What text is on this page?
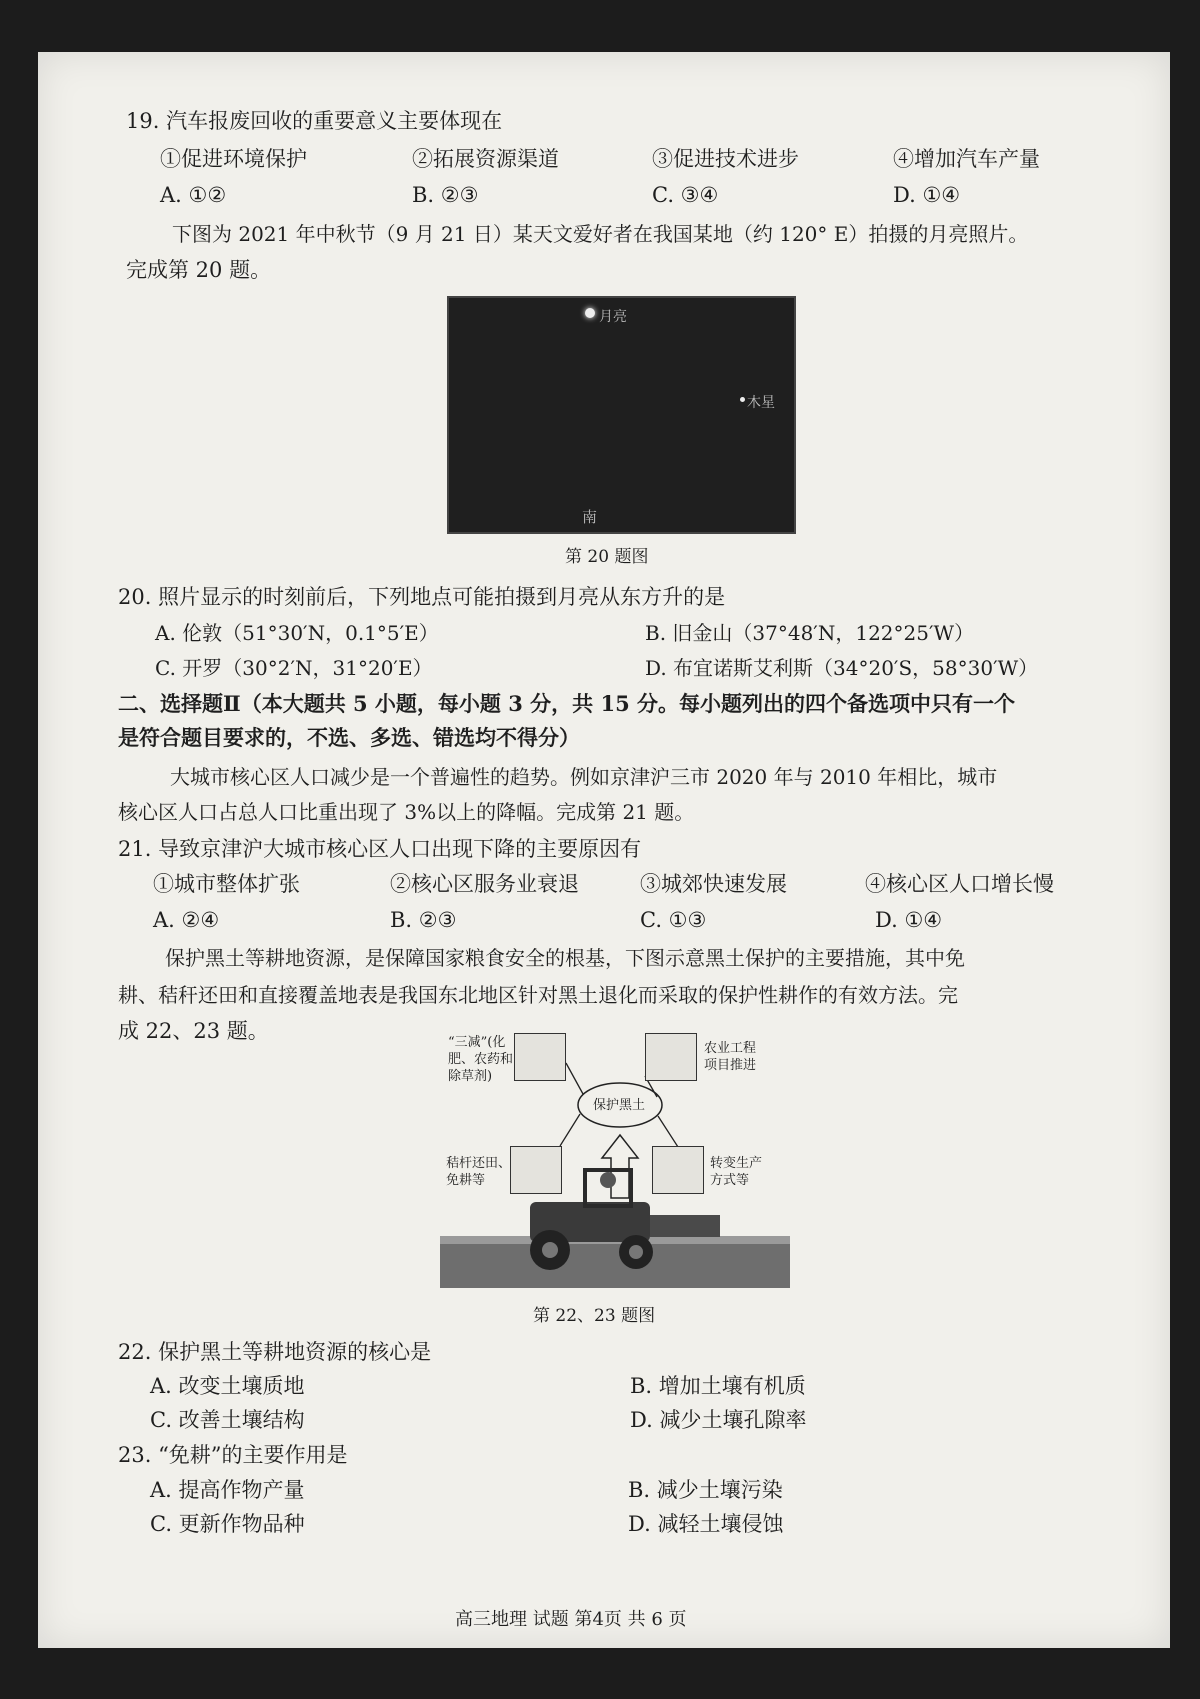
19. 汽车报废回收的重要意义主要体现在
①促进环境保护	②拓展资源渠道	③促进技术进步	④增加汽车产量
A. ①②	B. ②③	C. ③④	D. ①④
下图为 2021 年中秋节（9 月 21 日）某天文爱好者在我国某地（约 120° E）拍摄的月亮照片。
完成第 20 题。
月亮
木星
南
第 20 题图
20. 照片显示的时刻前后，下列地点可能拍摄到月亮从东方升的是
A. 伦敦（51°30′N，0.1°5′E）	B. 旧金山（37°48′N，122°25′W）
C. 开罗（30°2′N，31°20′E）	D. 布宜诺斯艾利斯（34°20′S，58°30′W）
二、选择题Ⅱ（本大题共 5 小题，每小题 3 分，共 15 分。每小题列出的四个备选项中只有一个
是符合题目要求的，不选、多选、错选均不得分）
大城市核心区人口减少是一个普遍性的趋势。例如京津沪三市 2020 年与 2010 年相比，城市
核心区人口占总人口比重出现了 3%以上的降幅。完成第 21 题。
21. 导致京津沪大城市核心区人口出现下降的主要原因有
①城市整体扩张	②核心区服务业衰退	③城郊快速发展	④核心区人口增长慢
A. ②④	B. ②③	C. ①③	D. ①④
保护黑土等耕地资源，是保障国家粮食安全的根基，下图示意黑土保护的主要措施，其中免
耕、秸秆还田和直接覆盖地表是我国东北地区针对黑土退化而采取的保护性耕作的有效方法。完
成 22、23 题。
保护黑土
“三减”(化
肥、农药和
除草剂)
农业工程
项目推进
秸杆还田、
免耕等
转变生产
方式等
第 22、23 题图
22. 保护黑土等耕地资源的核心是
A. 改变土壤质地	B. 增加土壤有机质
C. 改善土壤结构	D. 减少土壤孔隙率
23. “免耕”的主要作用是
A. 提高作物产量	B. 减少土壤污染
C. 更新作物品种	D. 减轻土壤侵蚀
高三地理 试题 第4页 共 6 页
